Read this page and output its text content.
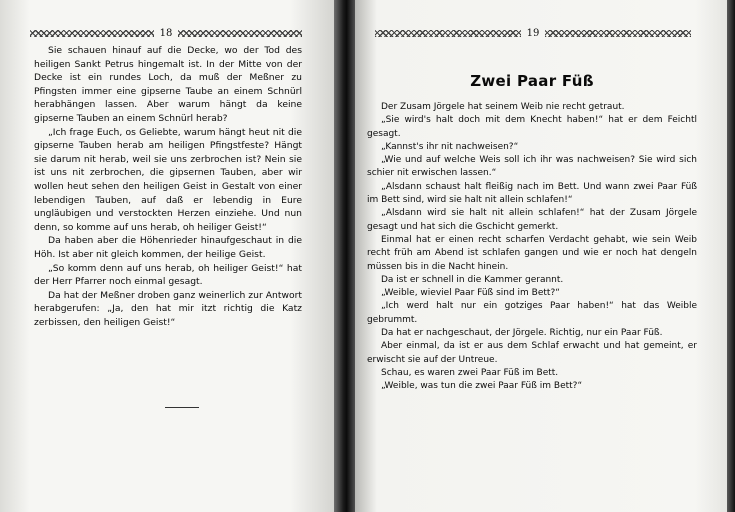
18

Sie schauen hinauf auf die Decke, wo der Tod des heiligen Sankt Petrus hingemalt ist. In der Mitte von der Decke ist ein rundes Loch, da muß der Meßner zu Pfingsten immer eine gipserne Taube an einem Schnürl herabhängen lassen. Aber warum hängt da keine gipserne Tauben an einem Schnürl herab?

„Ich frage Euch, os Geliebte, warum hängt heut nit die gipserne Tauben herab am heiligen Pfingstfeste? Hängt sie darum nit herab, weil sie uns zerbrochen ist? Nein sie ist uns nit zerbrochen, die gipsernen Tauben, aber wir wollen heut sehen den heiligen Geist in Gestalt von einer lebendigen Tauben, auf daß er lebendig in Eure ungläubigen und verstockten Herzen einziehe. Und nun denn, so komme auf uns herab, oh heiliger Geist!“

Da haben aber die Höhenrieder hinaufgeschaut in die Höh. Ist aber nit gleich kommen, der heilige Geist.

„So komm denn auf uns herab, oh heiliger Geist!“ hat der Herr Pfarrer noch einmal gesagt.

Da hat der Meßner droben ganz weinerlich zur Antwort herabgerufen: „Ja, den hat mir itzt richtig die Katz zerbissen, den heiligen Geist!“

19
Zwei Paar Füß

Der Zusam Jörgele hat seinem Weib nie recht getraut.

„Sie wird's halt doch mit dem Knecht haben!“ hat er dem Feichtl gesagt.

„Kannst's ihr nit nachweisen?“

„Wie und auf welche Weis soll ich ihr was nachweisen? Sie wird sich schier nit erwischen lassen.“

„Alsdann schaust halt fleißig nach im Bett. Und wann zwei Paar Füß im Bett sind, wird sie halt nit allein schlafen!“

„Alsdann wird sie halt nit allein schlafen!“ hat der Zusam Jörgele gesagt und hat sich die Gschicht gemerkt.

Einmal hat er einen recht scharfen Verdacht gehabt, wie sein Weib recht früh am Abend ist schlafen gangen und wie er noch hat dengeln müssen bis in die Nacht hinein.

Da ist er schnell in die Kammer gerannt.

„Weible, wieviel Paar Füß sind im Bett?“

„Ich werd halt nur ein gotziges Paar haben!“ hat das Weible gebrummt.

Da hat er nachgeschaut, der Jörgele. Richtig, nur ein Paar Füß.

Aber einmal, da ist er aus dem Schlaf erwacht und hat gemeint, er erwischt sie auf der Untreue.

Schau, es waren zwei Paar Füß im Bett.

„Weible, was tun die zwei Paar Füß im Bett?“
